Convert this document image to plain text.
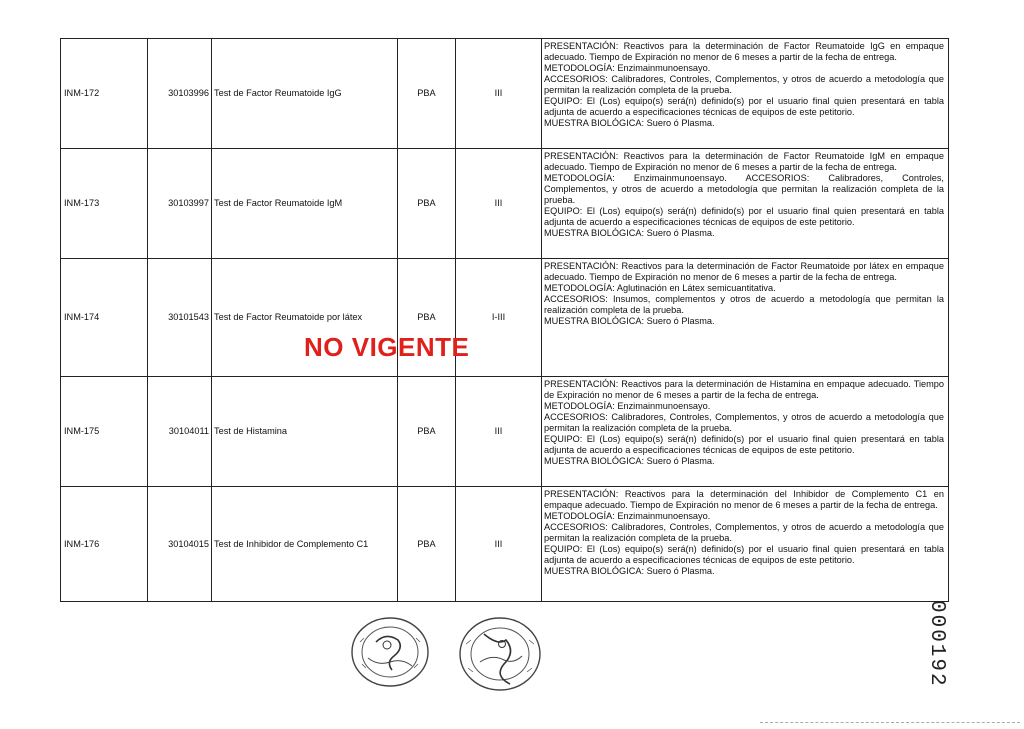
INM-172	30103996	Test de Factor Reumatoide IgG	PBA	III	PRESENTACIÓN: Reactivos para la determinación de Factor Reumatoide IgG en empaque adecuado. Tiempo de Expiración no menor de 6 meses a partir de la fecha de entrega.
METODOLOGÍA: Enzimainmunoensayo.
ACCESORIOS: Calibradores, Controles, Complementos, y otros de acuerdo a metodología que permitan la realización completa de la prueba.
EQUIPO: El (Los) equipo(s) será(n) definido(s) por el usuario final quien presentará en tabla adjunta de acuerdo a especificaciones técnicas de equipos de este petitorio.
MUESTRA BIOLÓGICA: Suero ó Plasma.

INM-173	30103997	Test de Factor Reumatoide IgM	PBA	III	PRESENTACIÓN: Reactivos para la determinación de Factor Reumatoide IgM en empaque adecuado. Tiempo de Expiración no menor de 6 meses a partir de la fecha de entrega.
METODOLOGÍA: Enzimainmunoensayo. ACCESORIOS: Calibradores, Controles, Complementos, y otros de acuerdo a metodología que permitan la realización completa de la prueba.
EQUIPO: El (Los) equipo(s) será(n) definido(s) por el usuario final quien presentará en tabla adjunta de acuerdo a especificaciones técnicas de equipos de este petitorio.
MUESTRA BIOLÓGICA: Suero ó Plasma.

INM-174	30101543	Test de Factor Reumatoide por látex	PBA	I-III	PRESENTACIÓN: Reactivos para la determinación de Factor Reumatoide por látex en empaque adecuado. Tiempo de Expiración no menor de 6 meses a partir de la fecha de entrega.
METODOLOGÍA: Aglutinación en Látex semicuantitativa.
ACCESORIOS: Insumos, complementos y otros de acuerdo a metodología que permitan la realización completa de la prueba.
MUESTRA BIOLÓGICA: Suero ó Plasma.

INM-175	30104011	Test de Histamina	PBA	III	PRESENTACIÓN: Reactivos para la determinación de Histamina en empaque adecuado. Tiempo de Expiración no menor de 6 meses a partir de la fecha de entrega.
METODOLOGÍA: Enzimainmunoensayo.
ACCESORIOS: Calibradores, Controles, Complementos, y otros de acuerdo a metodología que permitan la realización completa de la prueba.
EQUIPO: El (Los) equipo(s) será(n) definido(s) por el usuario final quien presentará en tabla adjunta de acuerdo a especificaciones técnicas de equipos de este petitorio.
MUESTRA BIOLÓGICA: Suero ó Plasma.

INM-176	30104015	Test de Inhibidor de Complemento C1	PBA	III	PRESENTACIÓN: Reactivos para la determinación del Inhibidor de Complemento C1 en empaque adecuado. Tiempo de Expiración no menor de 6 meses a partir de la fecha de entrega.
METODOLOGÍA: Enzimainmunoensayo.
ACCESORIOS: Calibradores, Controles, Complementos, y otros de acuerdo a metodología que permitan la realización completa de la prueba.
EQUIPO: El (Los) equipo(s) será(n) definido(s) por el usuario final quien presentará en tabla adjunta de acuerdo a especificaciones técnicas de equipos de este petitorio.
MUESTRA BIOLÓGICA: Suero ó Plasma.
NO VIGENTE
000192
